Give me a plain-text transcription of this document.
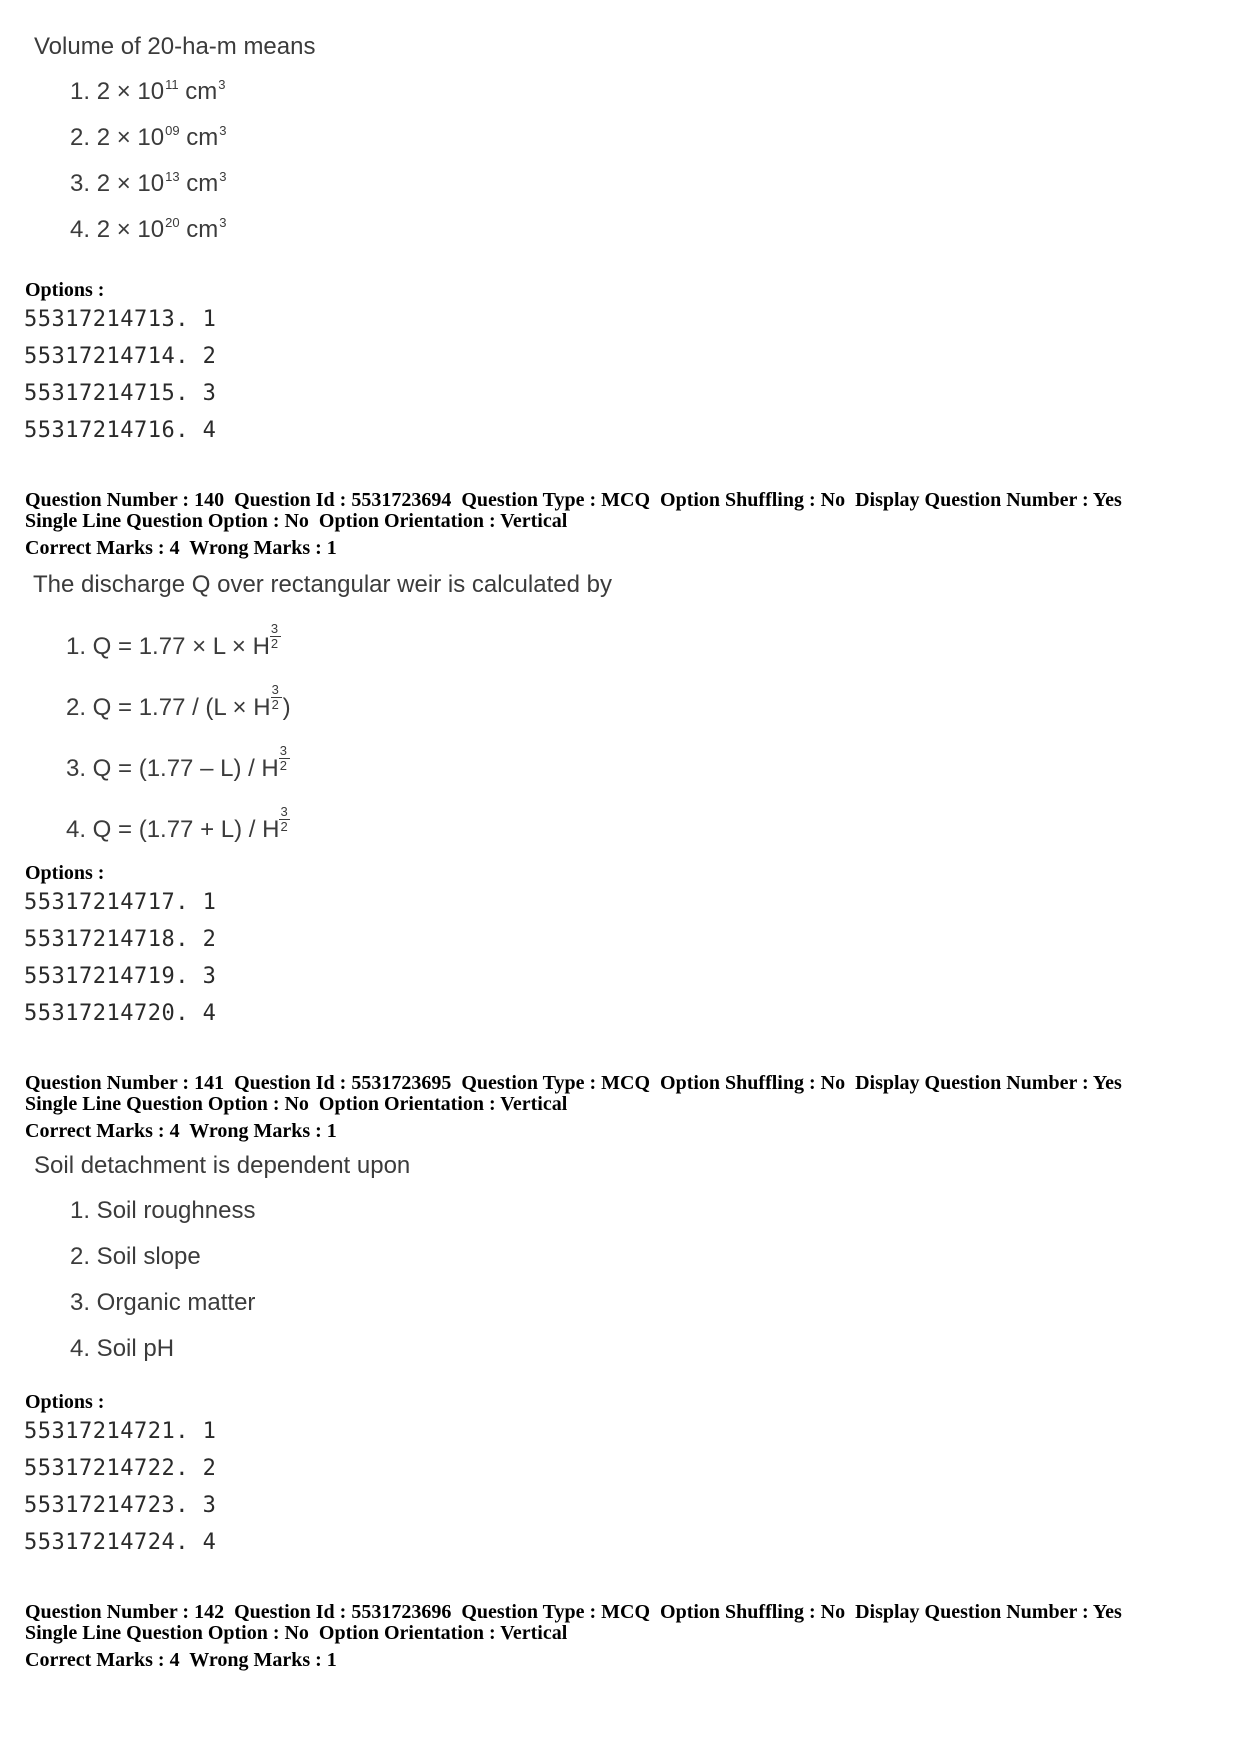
Volume of 20-ha-m means
1. $2 \times 10^{11}$ $cm^3$
2. $2 \times 10^{09}$ $cm^3$
3. $2 \times 10^{13}$ $cm^3$
4. $2 \times 10^{20}$ $cm^3$
Options :
55317214713. 1
55317214714. 2
55317214715. 3
55317214716. 4
Question Number : 140  Question Id : 5531723694  Question Type : MCQ  Option Shuffling : No  Display Question Number : Yes
Single Line Question Option : No  Option Orientation : Vertical
Correct Marks : 4  Wrong Marks : 1
The discharge Q over rectangular weir is calculated by
1. Q = 1.77 × L × H $\frac{3}{2}$
2. Q = 1.77 / (L × H $\frac{3}{2}$ )
3. Q = (1.77 – L) / H $\frac{3}{2}$
4. Q = (1.77 + L) / H $\frac{3}{2}$
Options :
55317214717. 1
55317214718. 2
55317214719. 3
55317214720. 4
Question Number : 141  Question Id : 5531723695  Question Type : MCQ  Option Shuffling : No  Display Question Number : Yes
Single Line Question Option : No  Option Orientation : Vertical
Correct Marks : 4  Wrong Marks : 1
Soil detachment is dependent upon
1. Soil roughness
2. Soil slope
3. Organic matter
4. Soil pH
Options :
55317214721. 1
55317214722. 2
55317214723. 3
55317214724. 4
Question Number : 142  Question Id : 5531723696  Question Type : MCQ  Option Shuffling : No  Display Question Number : Yes
Single Line Question Option : No  Option Orientation : Vertical
Correct Marks : 4  Wrong Marks : 1
